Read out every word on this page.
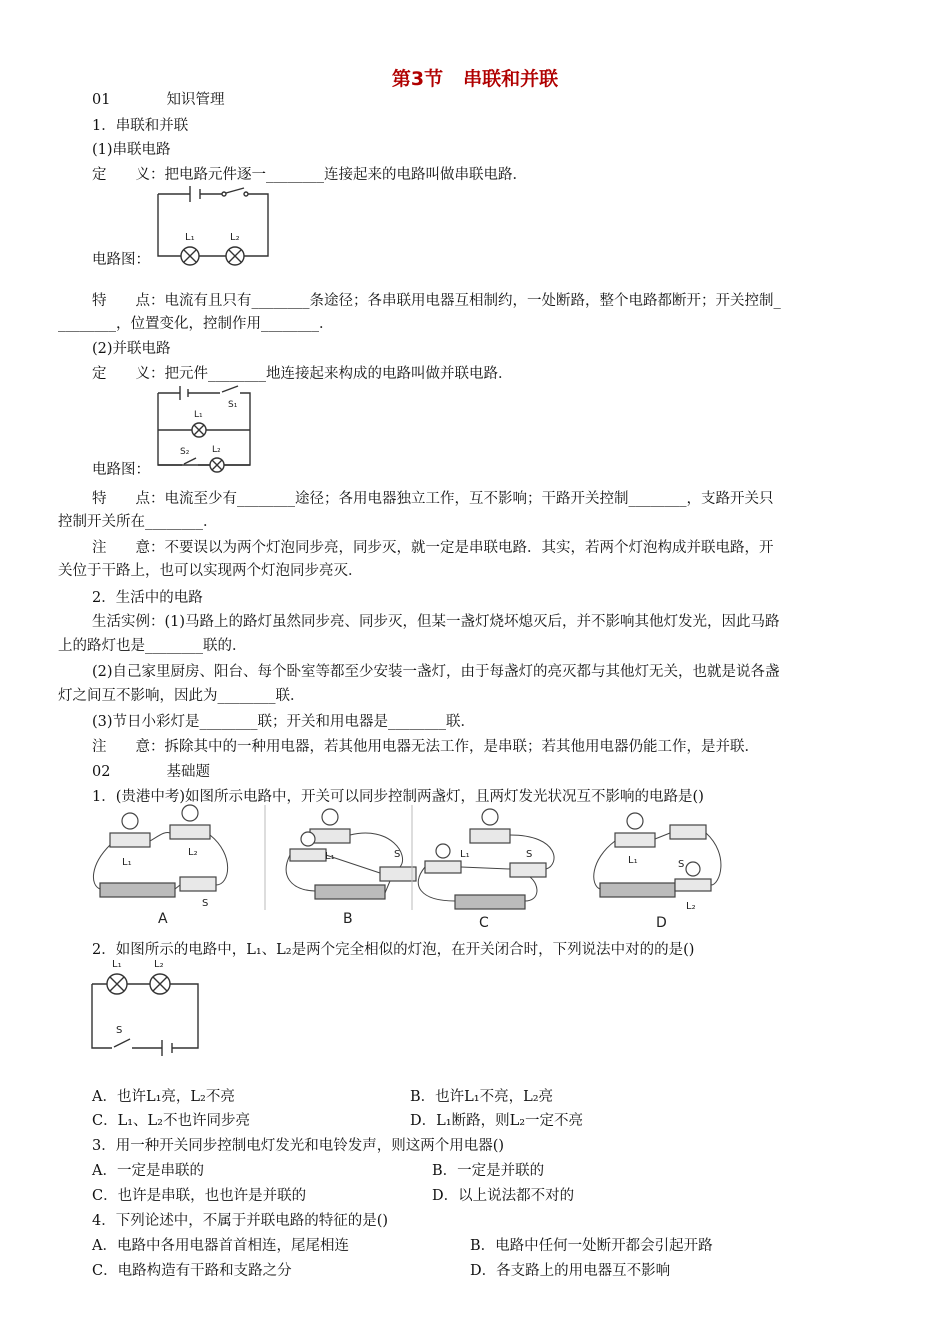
第3节 串联和并联
01	知识管理
1．串联和并联
(1)串联电路
定　　义：把电路元件逐一________连接起来的电路叫做串联电路．
L₁	L₂
电路图：
特　　点：电流有且只有________条途径；各串联用电器互相制约，一处断路，整个电路都断开；开关控制_
________，位置变化，控制作用________．
(2)并联电路
定　　义：把元件________地连接起来构成的电路叫做并联电路．
L₁
S₁
S₂	L₂
电路图：
特　　点：电流至少有________途径；各用电器独立工作，互不影响；干路开关控制________，支路开关只
控制开关所在________．
注　　意：不要误以为两个灯泡同步亮，同步灭，就一定是串联电路．其实，若两个灯泡构成并联电路，开
关位于干路上，也可以实现两个灯泡同步亮灭．
2．生活中的电路
生活实例：(1)马路上的路灯虽然同步亮、同步灭，但某一盏灯烧坏熄灭后，并不影响其他灯发光，因此马路
上的路灯也是________联的．
(2)自己家里厨房、阳台、每个卧室等都至少安装一盏灯，由于每盏灯的亮灭都与其他灯无关，也就是说各盏
灯之间互不影响，因此为________联．
(3)节日小彩灯是________联；开关和用电器是________联．
注　　意：拆除其中的一种用电器，若其他用电器无法工作，是串联；若其他用电器仍能工作，是并联．
02	基础题
1．(贵港中考)如图所示电路中，开关可以同步控制两盏灯，且两灯发光状况互不影响的电路是()
L₁
L₂
S
S
L₁	L₁	S
L₁	S
L₂
A	B	C	D
2．如图所示的电路中，L₁、L₂是两个完全相似的灯泡，在开关闭合时，下列说法中对的的是()
L₁	L₂
S
A．也许L₁亮，L₂不亮	B．也许L₁不亮，L₂亮
C．L₁、L₂不也许同步亮	D．L₁断路，则L₂一定不亮
3．用一种开关同步控制电灯发光和电铃发声，则这两个用电器()
A．一定是串联的	B．一定是并联的
C．也许是串联，也也许是并联的	D．以上说法都不对的
4．下列论述中，不属于并联电路的特征的是()
A．电路中各用电器首首相连，尾尾相连	B．电路中任何一处断开都会引起开路
C．电路构造有干路和支路之分	D．各支路上的用电器互不影响
